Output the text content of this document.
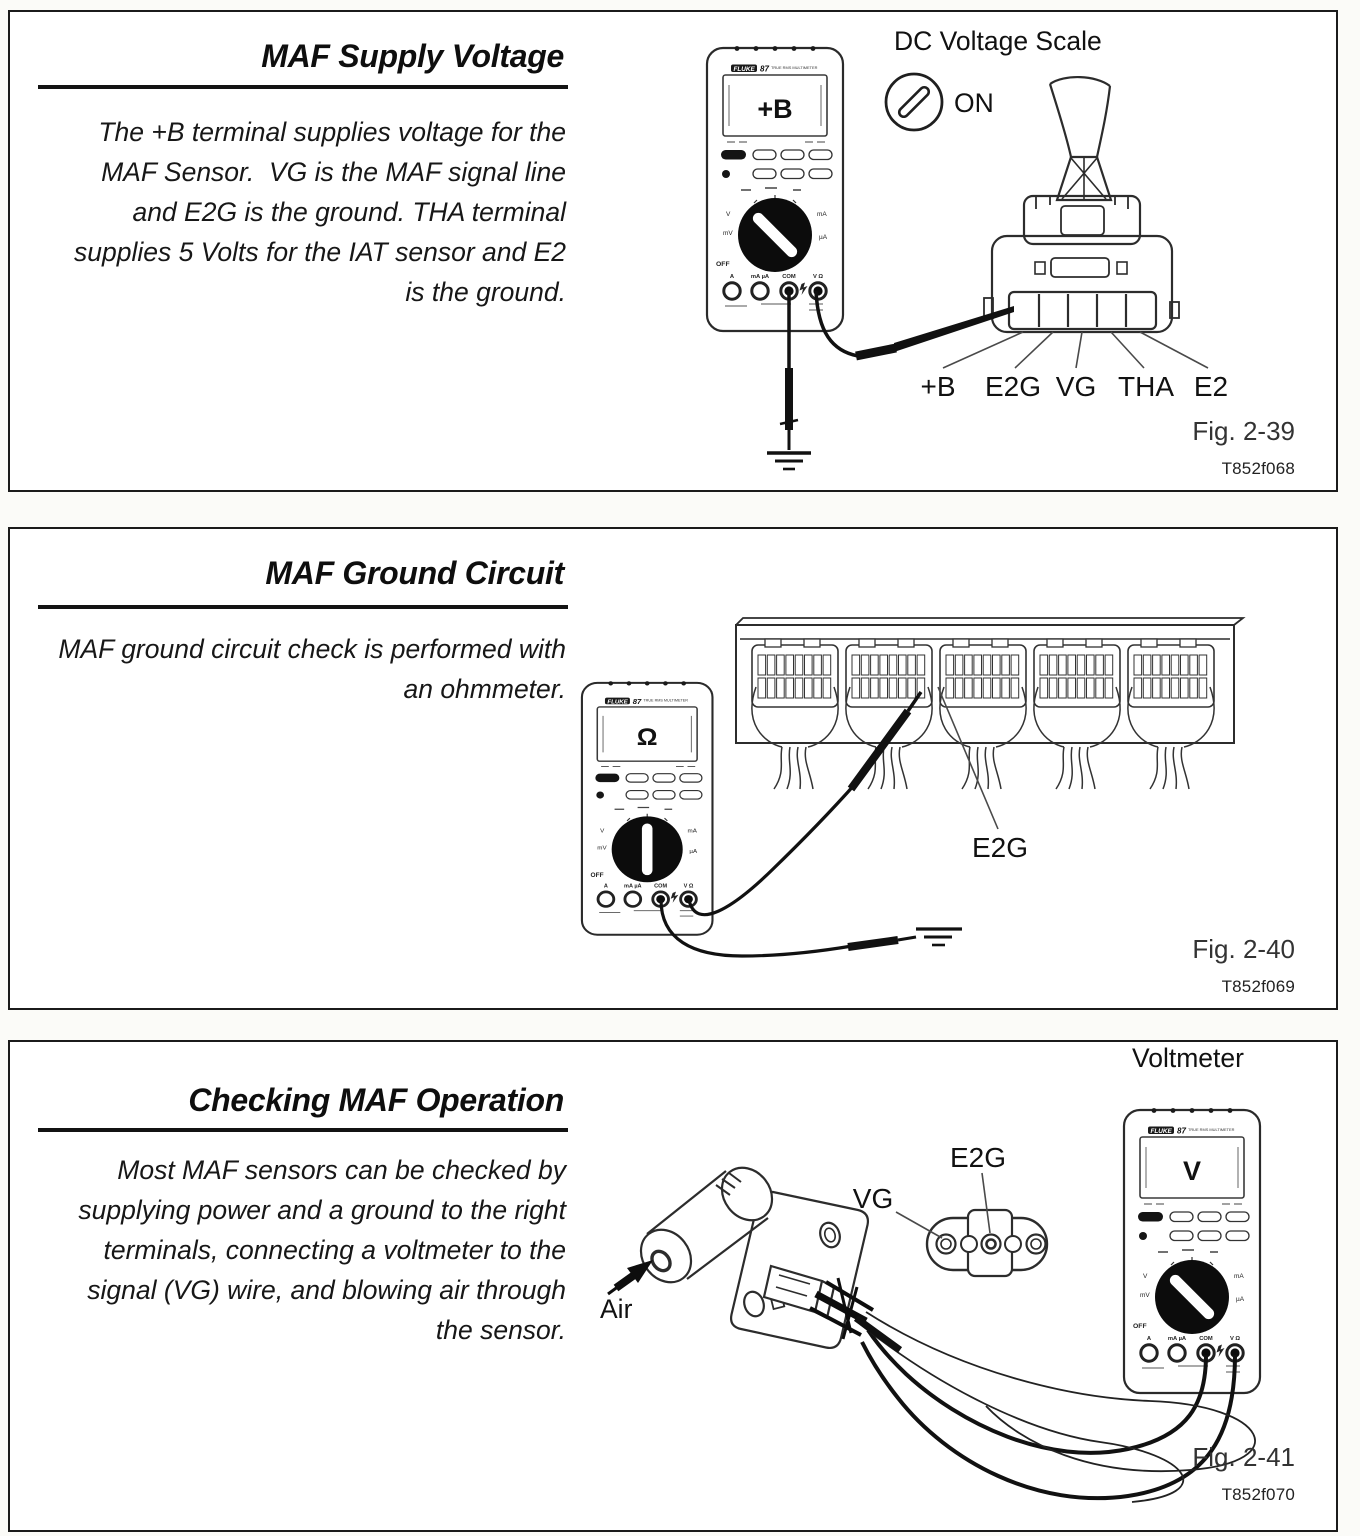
FLUKE 87 TRUE RMS MULTIMETER
+B
OFF
V
mV
mA
µA
A	mA µA COM	V Ω
DC Voltage Scale
ON
+B E2G VG THA E2
MAF Supply Voltage
The +B terminal supplies voltage for the
MAF Sensor.  VG is the MAF signal line
and E2G is the ground. THA terminal
supplies 5 Volts for the IAT sensor and E2
is the ground.
Fig. 2-39
T852f068
FLUKE 87 TRUE RMS MULTIMETER
Ω
OFF
V
mV
mA
µA
A	mA µA COM	V Ω
E2G
MAF Ground Circuit
MAF ground circuit check is performed with
an ohmmeter.
Fig. 2-40
T852f069
Voltmeter
FLUKE 87 TRUE RMS MULTIMETER
V
OFF
V
mV
mA
µA
A	mA µA COM	V Ω
Air
VG
E2G
Checking MAF Operation
Most MAF sensors can be checked by
supplying power and a ground to the right
terminals, connecting a voltmeter to the
signal (VG) wire, and blowing air through
the sensor.
Fig. 2-41
T852f070
